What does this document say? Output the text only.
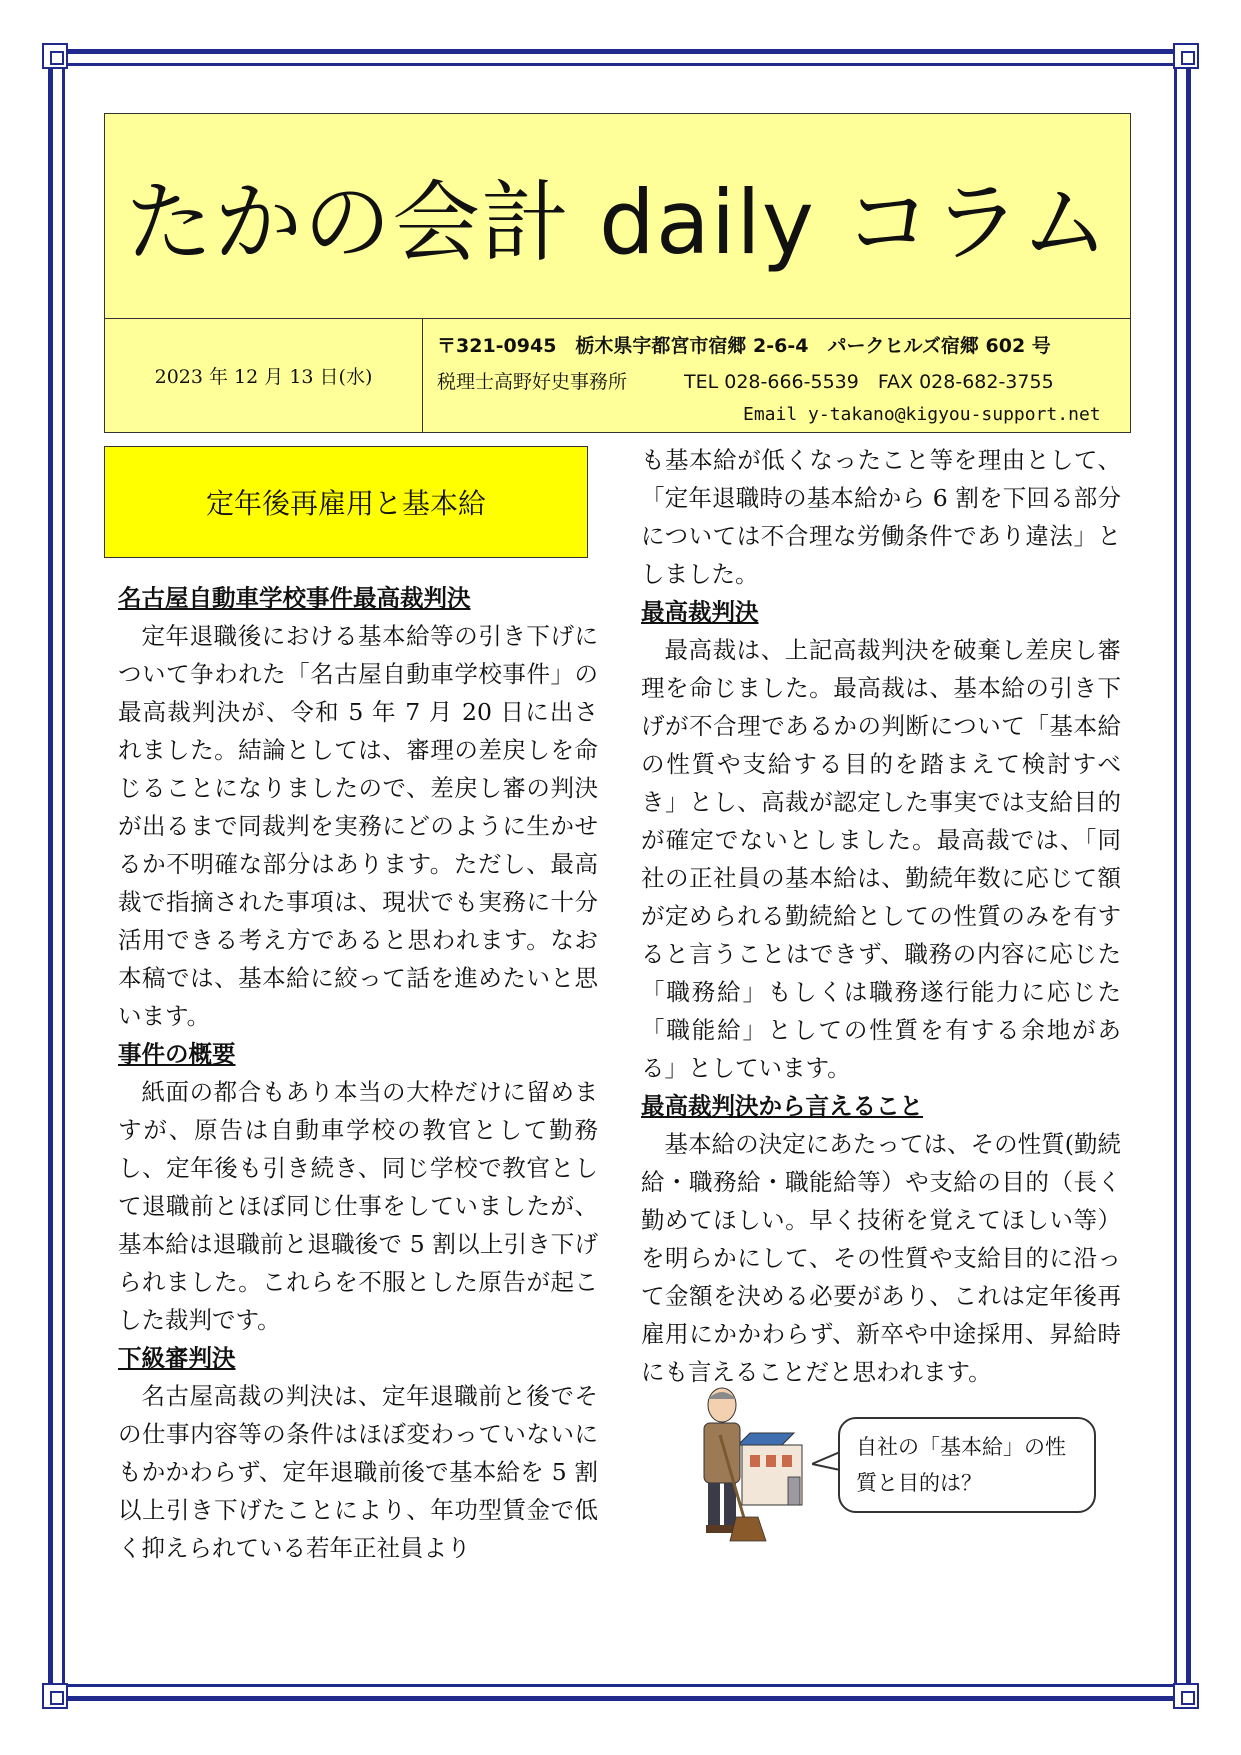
たかの会計 daily コラム
2023 年 12 月 13 日(水)
〒321-0945　栃木県宇都宮市宿郷 2-6-4　パークヒルズ宿郷 602 号
税理士高野好史事務所　　　TEL 028-666-5539　FAX 028-682-3755
Email y-takano@kigyou-support.net
定年後再雇用と基本給
名古屋自動車学校事件最高裁判決

定年退職後における基本給等の引き下げについて争われた「名古屋自動車学校事件」の最高裁判決が、令和 5 年 7 月 20 日に出されました。結論としては、審理の差戻しを命じることになりましたので、差戻し審の判決が出るまで同裁判を実務にどのように生かせるか不明確な部分はあります。ただし、最高裁で指摘された事項は、現状でも実務に十分活用できる考え方であると思われます。なお本稿では、基本給に絞って話を進めたいと思います。

事件の概要

紙面の都合もあり本当の大枠だけに留めますが、原告は自動車学校の教官として勤務し、定年後も引き続き、同じ学校で教官として退職前とほぼ同じ仕事をしていましたが、基本給は退職前と退職後で 5 割以上引き下げられました。これらを不服とした原告が起こした裁判です。

下級審判決

名古屋高裁の判決は、定年退職前と後でその仕事内容等の条件はほぼ変わっていないにもかかわらず、定年退職前後で基本給を 5 割以上引き下げたことにより、年功型賃金で低く抑えられている若年正社員より

も基本給が低くなったこと等を理由として、「定年退職時の基本給から 6 割を下回る部分については不合理な労働条件であり違法」としました。

最高裁判決

最高裁は、上記高裁判決を破棄し差戻し審理を命じました。最高裁は、基本給の引き下げが不合理であるかの判断について「基本給の性質や支給する目的を踏まえて検討すべき」とし、高裁が認定した事実では支給目的が確定でないとしました。最高裁では、「同社の正社員の基本給は、勤続年数に応じて額が定められる勤続給としての性質のみを有すると言うことはできず、職務の内容に応じた「職務給」もしくは職務遂行能力に応じた「職能給」としての性質を有する余地がある」としています。

最高裁判決から言えること

基本給の決定にあたっては、その性質(勤続給・職務給・職能給等）や支給の目的（長く勤めてほしい。早く技術を覚えてほしい等）を明らかにして、その性質や支給目的に沿って金額を決める必要があり、これは定年後再雇用にかかわらず、新卒や中途採用、昇給時にも言えることだと思われます。

自社の「基本給」の性質と目的は？
